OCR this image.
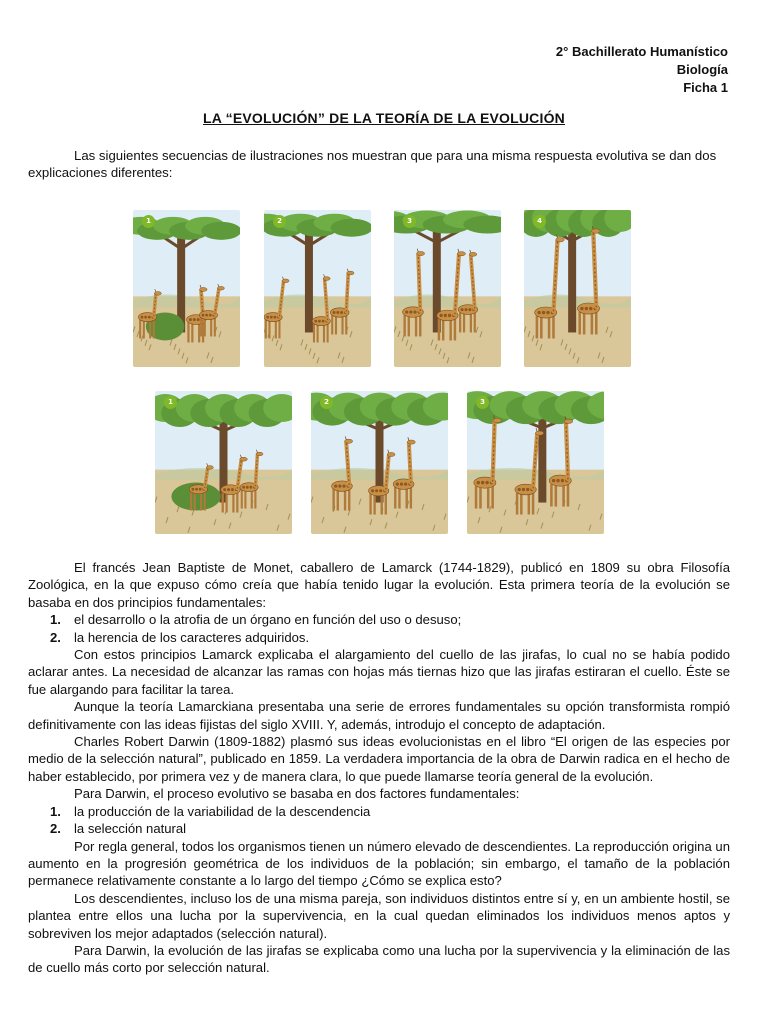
2° Bachillerato Humanístico
Biología
Ficha 1
LA “EVOLUCIÓN” DE LA TEORÍA DE LA EVOLUCIÓN
Las siguientes secuencias de ilustraciones nos muestran que para una misma respuesta evolutiva se dan dos explicaciones diferentes:
1	2	3	4
1	2	3

El francés Jean Baptiste de Monet, caballero de Lamarck (1744-1829), publicó en 1809 su obra Filosofía Zoológica, en la que expuso cómo creía que había tenido lugar la evolución. Esta primera teoría de la evolución se basaba en dos principios fundamentales:

1. el desarrollo o la atrofia de un órgano en función del uso o desuso;
2. la herencia de los caracteres adquiridos.

Con estos principios Lamarck explicaba el alargamiento del cuello de las jirafas, lo cual no se había podido aclarar antes. La necesidad de alcanzar las ramas con hojas más tiernas hizo que las jirafas estiraran el cuello. Éste se fue alargando para facilitar la tarea.

Aunque la teoría Lamarckiana presentaba una serie de errores fundamentales su opción transformista rompió definitivamente con las ideas fijistas del siglo XVIII. Y, además, introdujo el concepto de adaptación.

Charles Robert Darwin (1809-1882) plasmó sus ideas evolucionistas en el libro “El origen de las especies por medio de la selección natural”, publicado en 1859. La verdadera importancia de la obra de Darwin radica en el hecho de haber establecido, por primera vez y de manera clara, lo que puede llamarse teoría general de la evolución.

Para Darwin, el proceso evolutivo se basaba en dos factores fundamentales:

1. la producción de la variabilidad de la descendencia
2. la selección natural

Por regla general, todos los organismos tienen un número elevado de descendientes. La reproducción origina un aumento en la progresión geométrica de los individuos de la población; sin embargo, el tamaño de la población permanece relativamente constante a lo largo del tiempo ¿Cómo se explica esto?

Los descendientes, incluso los de una misma pareja, son individuos distintos entre sí y, en un ambiente hostil, se plantea entre ellos una lucha por la supervivencia, en la cual quedan eliminados los individuos menos aptos y sobreviven los mejor adaptados (selección natural).

Para Darwin, la evolución de las jirafas se explicaba como una lucha por la supervivencia y la eliminación de las de cuello más corto por selección natural.
